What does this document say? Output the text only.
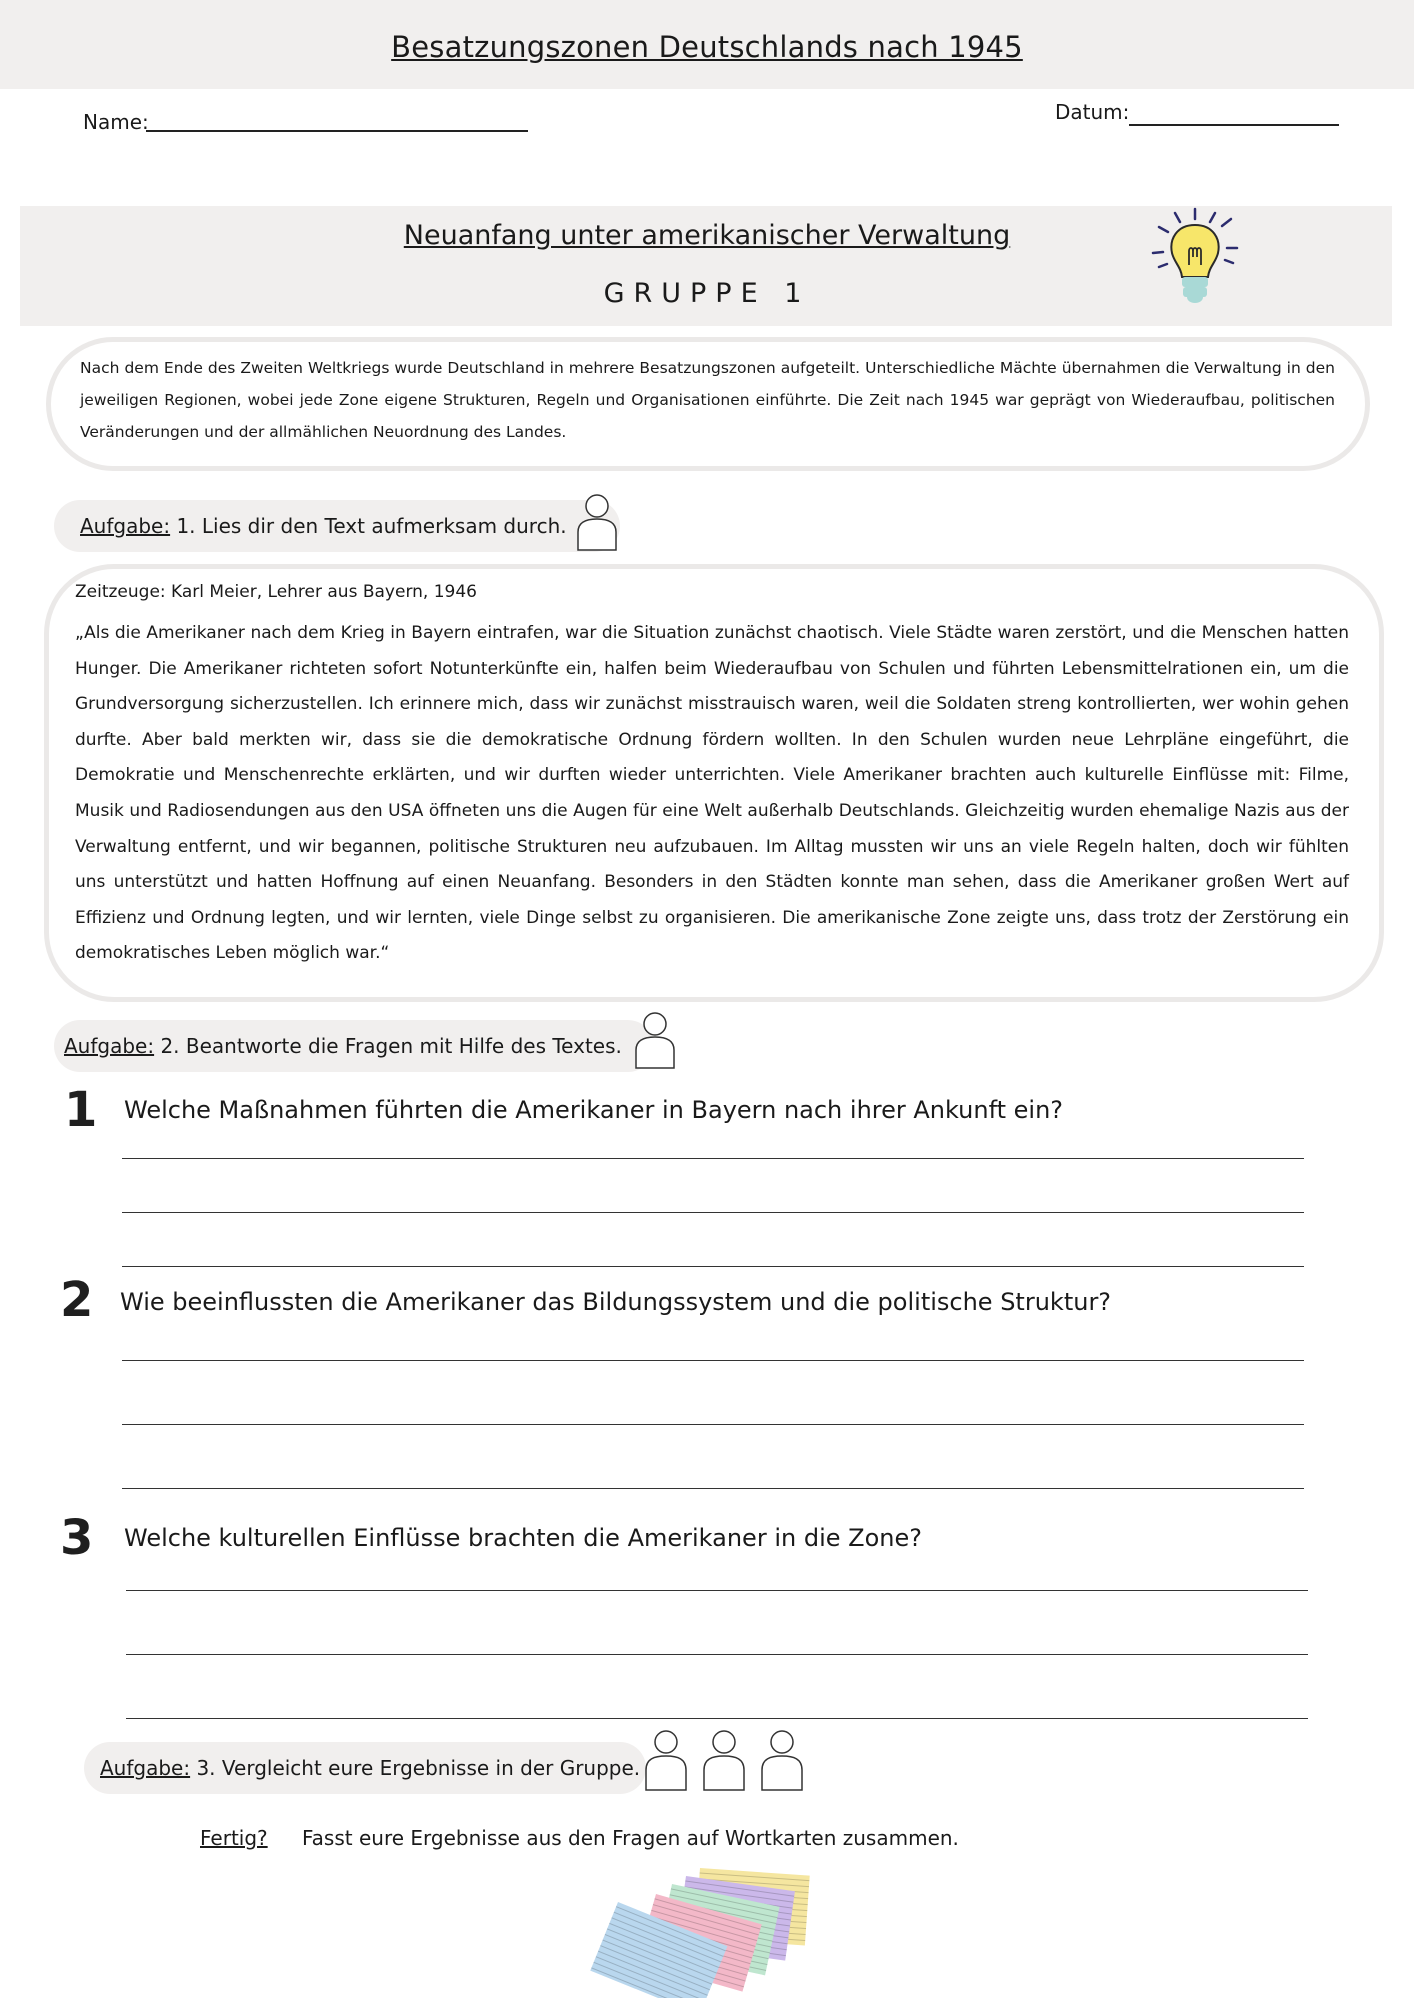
Besatzungszonen Deutschlands nach 1945
Name:	Datum:
Neuanfang unter amerikanischer Verwaltung
GRUPPE 1
Nach dem Ende des Zweiten Weltkriegs wurde Deutschland in mehrere Besatzungszonen aufgeteilt. Unterschiedliche Mächte übernahmen die Verwaltung in den jeweiligen Regionen, wobei jede Zone eigene Strukturen, Regeln und Organisationen einführte. Die Zeit nach 1945 war geprägt von Wiederaufbau, politischen Veränderungen und der allmählichen Neuordnung des Landes.
Aufgabe: 1. Lies dir den Text aufmerksam durch.
Zeitzeuge: Karl Meier, Lehrer aus Bayern, 1946
„Als die Amerikaner nach dem Krieg in Bayern eintrafen, war die Situation zunächst chaotisch. Viele Städte waren zerstört, und die Menschen hatten Hunger. Die Amerikaner richteten sofort Notunterkünfte ein, halfen beim Wiederaufbau von Schulen und führten Lebensmittelrationen ein, um die Grundversorgung sicherzustellen. Ich erinnere mich, dass wir zunächst misstrauisch waren, weil die Soldaten streng kontrollierten, wer wohin gehen durfte. Aber bald merkten wir, dass sie die demokratische Ordnung fördern wollten. In den Schulen wurden neue Lehrpläne eingeführt, die Demokratie und Menschenrechte erklärten, und wir durften wieder unterrichten. Viele Amerikaner brachten auch kulturelle Einflüsse mit: Filme, Musik und Radiosendungen aus den USA öffneten uns die Augen für eine Welt außerhalb Deutschlands. Gleichzeitig wurden ehemalige Nazis aus der Verwaltung entfernt, und wir begannen, politische Strukturen neu aufzubauen. Im Alltag mussten wir uns an viele Regeln halten, doch wir fühlten uns unterstützt und hatten Hoffnung auf einen Neuanfang. Besonders in den Städten konnte man sehen, dass die Amerikaner großen Wert auf Effizienz und Ordnung legten, und wir lernten, viele Dinge selbst zu organisieren. Die amerikanische Zone zeigte uns, dass trotz der Zerstörung ein demokratisches Leben möglich war.“
Aufgabe: 2. Beantworte die Fragen mit Hilfe des Textes.
1 Welche Maßnahmen führten die Amerikaner in Bayern nach ihrer Ankunft ein?
2 Wie beeinflussten die Amerikaner das Bildungssystem und die politische Struktur?
3 Welche kulturellen Einflüsse brachten die Amerikaner in die Zone?
Aufgabe: 3. Vergleicht eure Ergebnisse in der Gruppe.
Fertig? Fasst eure Ergebnisse aus den Fragen auf Wortkarten zusammen.
